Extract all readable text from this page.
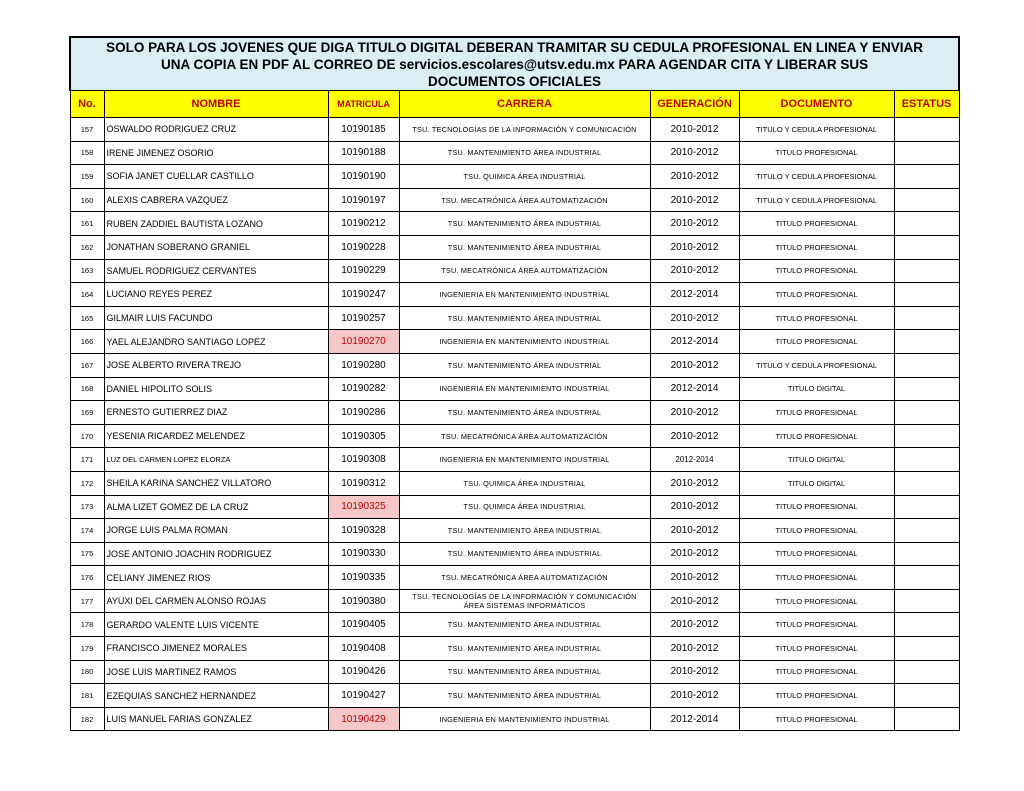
SOLO PARA LOS JOVENES QUE DIGA TITULO DIGITAL DEBERAN TRAMITAR SU CEDULA PROFESIONAL EN LINEA Y ENVIAR
UNA COPIA EN PDF AL CORREO DE servicios.escolares@utsv.edu.mx PARA AGENDAR CITA Y LIBERAR SUS
DOCUMENTOS OFICIALES						

No.	NOMBRE	MATRICULA	CARRERA	GENERACIÓN	DOCUMENTO	ESTATUS
157	OSWALDO RODRIGUEZ CRUZ	10190185	TSU. TECNOLOGÍAS DE LA INFORMACIÓN Y COMUNICACIÓN	2010-2012	TITULO Y CEDULA PROFESIONAL	
158	IRENE JIMENEZ OSORIO	10190188	TSU. MANTENIMIENTO ÁREA INDUSTRIAL	2010-2012	TITULO PROFESIONAL	
159	SOFIA JANET CUELLAR CASTILLO	10190190	TSU. QUIMICA ÁREA INDUSTRIAL	2010-2012	TITULO Y CEDULA PROFESIONAL	
160	ALEXIS CABRERA VAZQUEZ	10190197	TSU. MECATRÓNICA ÁREA AUTOMATIZACIÓN	2010-2012	TITULO Y CEDULA PROFESIONAL	
161	RUBEN ZADDIEL BAUTISTA LOZANO	10190212	TSU. MANTENIMIENTO ÁREA INDUSTRIAL	2010-2012	TITULO PROFESIONAL	
162	JONATHAN SOBERANO GRANIEL	10190228	TSU. MANTENIMIENTO ÁREA INDUSTRIAL	2010-2012	TITULO PROFESIONAL	
163	SAMUEL RODRIGUEZ CERVANTES	10190229	TSU. MECATRÓNICA ÁREA AUTOMATIZACIÓN	2010-2012	TITULO PROFESIONAL	
164	LUCIANO REYES PEREZ	10190247	INGENIERIA EN MANTENIMIENTO INDUSTRIAL	2012-2014	TITULO PROFESIONAL	
165	GILMAIR LUIS FACUNDO	10190257	TSU. MANTENIMIENTO ÁREA INDUSTRIAL	2010-2012	TITULO PROFESIONAL	
166	YAEL ALEJANDRO SANTIAGO LOPEZ	10190270	INGENIERIA EN MANTENIMIENTO INDUSTRIAL	2012-2014	TITULO PROFESIONAL	
167	JOSE ALBERTO RIVERA TREJO	10190280	TSU. MANTENIMIENTO ÁREA INDUSTRIAL	2010-2012	TITULO Y CEDULA PROFESIONAL	
168	DANIEL HIPOLITO SOLIS	10190282	INGENIERIA EN MANTENIMIENTO INDUSTRIAL	2012-2014	TITULO DIGITAL	
169	ERNESTO GUTIERREZ DIAZ	10190286	TSU. MANTENIMIENTO ÁREA INDUSTRIAL	2010-2012	TITULO PROFESIONAL	
170	YESENIA RICARDEZ MELENDEZ	10190305	TSU. MECATRÓNICA ÁREA AUTOMATIZACIÓN	2010-2012	TITULO PROFESIONAL	
171	LUZ DEL CARMEN LOPEZ ELORZA	10190308	INGENIERIA EN MANTENIMIENTO INDUSTRIAL	2012-2014	TITULO DIGITAL	
172	SHEILA KARINA SANCHEZ VILLATORO	10190312	TSU. QUIMICA ÁREA INDUSTRIAL	2010-2012	TITULO DIGITAL	
173	ALMA LIZET GOMEZ DE LA CRUZ	10190325	TSU. QUIMICA ÁREA INDUSTRIAL	2010-2012	TITULO PROFESIONAL	
174	JORGE LUIS PALMA ROMAN	10190328	TSU. MANTENIMIENTO ÁREA INDUSTRIAL	2010-2012	TITULO PROFESIONAL	
175	JOSE ANTONIO JOACHIN RODRIGUEZ	10190330	TSU. MANTENIMIENTO ÁREA INDUSTRIAL	2010-2012	TITULO PROFESIONAL	
176	CELIANY JIMENEZ RIOS	10190335	TSU. MECATRÓNICA ÁREA AUTOMATIZACIÓN	2010-2012	TITULO PROFESIONAL	
177	AYUXI DEL CARMEN ALONSO ROJAS	10190380	TSU. TECNOLOGÍAS DE LA INFORMACIÓN Y COMUNICACIÓN ÁREA SISTEMAS INFORMÁTICOS	2010-2012	TITULO PROFESIONAL	
178	GERARDO VALENTE LUIS VICENTE	10190405	TSU. MANTENIMIENTO ÁREA INDUSTRIAL	2010-2012	TITULO PROFESIONAL	
179	FRANCISCO JIMENEZ MORALES	10190408	TSU. MANTENIMIENTO ÁREA INDUSTRIAL	2010-2012	TITULO PROFESIONAL	
180	JOSE LUIS MARTINEZ RAMOS	10190426	TSU. MANTENIMIENTO ÁREA INDUSTRIAL	2010-2012	TITULO PROFESIONAL	
181	EZEQUIAS SANCHEZ HERNANDEZ	10190427	TSU. MANTENIMIENTO ÁREA INDUSTRIAL	2010-2012	TITULO PROFESIONAL	
182	LUIS MANUEL FARIAS GONZALEZ	10190429	INGENIERIA EN MANTENIMIENTO INDUSTRIAL	2012-2014	TITULO PROFESIONAL	
